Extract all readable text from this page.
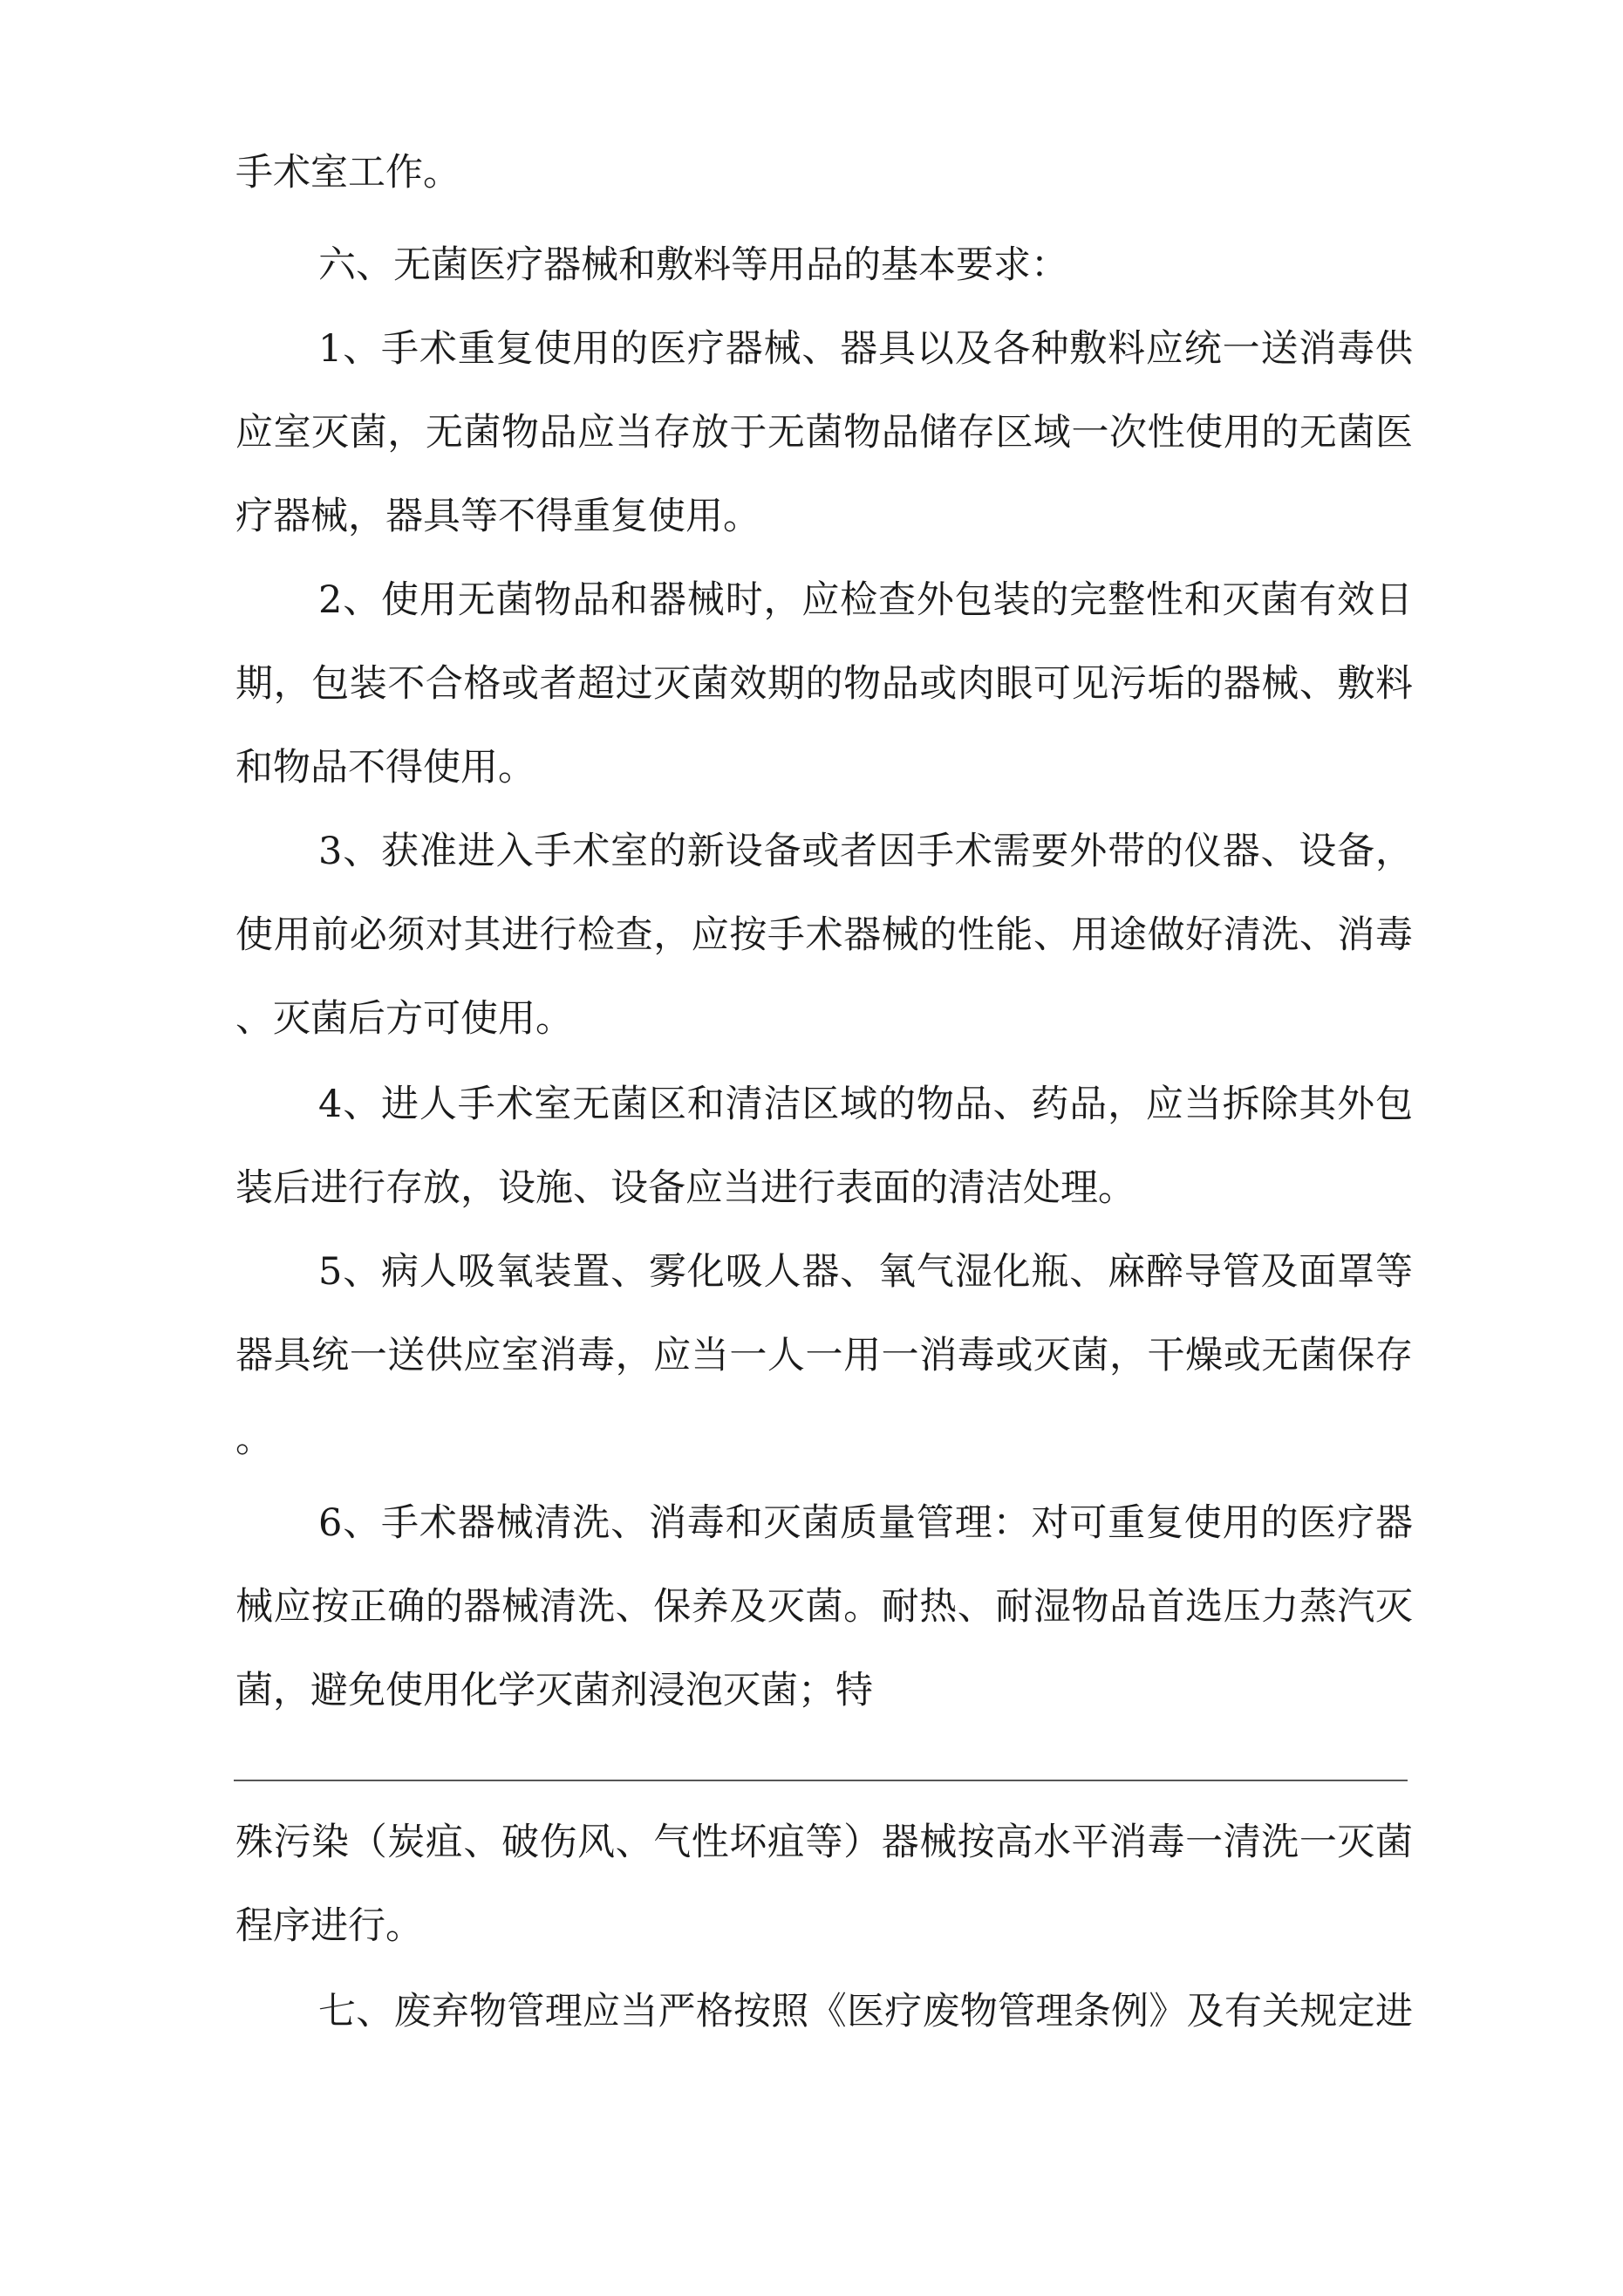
手术室工作。
六、无菌医疗器械和敷料等用品的基本要求：
1、手术重复使用的医疗器械、器具以及各种敷料应统一送消毒供
应室灭菌，无菌物品应当存放于无菌物品储存区域一次性使用的无菌医
疗器械，器具等不得重复使用。
2、使用无菌物品和器械时，应检查外包装的完整性和灭菌有效日
期，包装不合格或者超过灭菌效期的物品或肉眼可见污垢的器械、敷料
和物品不得使用。
3、获准进入手术室的新设备或者因手术需要外带的仪器、设备，
使用前必须对其进行检查，应按手术器械的性能、用途做好清洗、消毒
、灭菌后方可使用。
4、进人手术室无菌区和清洁区域的物品、药品，应当拆除其外包
装后进行存放，设施、设备应当进行表面的清洁处理。
5、病人吸氧装置、雾化吸人器、氧气湿化瓶、麻醉导管及面罩等
器具统一送供应室消毒，应当一人一用一消毒或灭菌，干燥或无菌保存
。
6、手术器械清洗、消毒和灭菌质量管理：对可重复使用的医疗器
械应按正确的器械清洗、保养及灭菌。耐热、耐湿物品首选压力蒸汽灭
菌，避免使用化学灭菌剂浸泡灭菌；特
殊污染（炭疽、破伤风、气性坏疽等）器械按高水平消毒一清洗一灭菌
程序进行。
七、废弃物管理应当严格按照《医疗废物管理条例》及有关规定进
